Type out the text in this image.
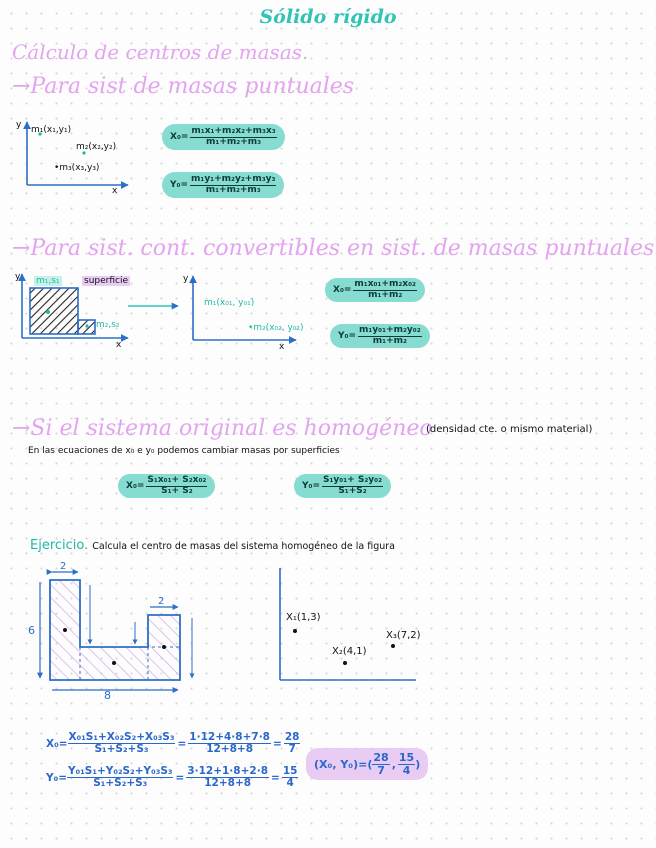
Sólido rígido
Cálculo de centros de masas.
→Para sist de masas puntuales
y
x
m₁(x₁,y₁)
m₂(x₂,y₂)
•m₃(x₃,y₃)
$X_0= \frac{\text{m₁x₁+m₂x₂+m₃x₃}}{\text{m₁+m₂+m₃}}$
$Y_0= \frac{\text{m₁y₁+m₂y₂+m₃y₃}}{\text{m₁+m₂+m₃}}$
→Para sist. cont. convertibles en sist. de masas puntuales
y
x
m₁,s₁	superficie
m₂,s₂
y
x
m₁(x₀₁, y₀₁)
•m₂(x₀₂, y₀₂)
$X_0= \frac{\text{m₁x₀₁+m₂x₀₂}}{\text{m₁+m₂}}$
$Y_0= \frac{\text{m₁y₀₁+m₂y₀₂}}{\text{m₁+m₂}}$
→Si el sistema original es homogéneo
(densidad cte. o mismo material)
En las ecuaciones de x₀ e y₀ podemos cambiar masas por superficies
$X_0= \frac{\text{S₁x₀₁+ S₂x₀₂}}{\text{S₁+ S₂}}$	$Y_0= \frac{\text{S₁y₀₁+ S₂y₀₂}}{\text{S₁+S₂}}$
Ejercicio. Calcula el centro de masas del sistema homogéneo de la figura
2
2
6
8
X₁(1,3)
X₂(4,1)
X₃(7,2)
$X_0= \frac{\text{X₀₁S₁+X₀₂S₂+X₀₃S₃}}{\text{S₁+S₂+S₃}} = \frac{1\cdot 12+4\cdot 8+7\cdot 8}{12+8+8} = \frac{28}{7}$
$Y_0= \frac{\text{Y₀₁S₁+Y₀₂S₂+Y₀₃S₃}}{\text{S₁+S₂+S₃}} = \frac{3\cdot 12+1\cdot 8+2\cdot 8}{12+8+8} = \frac{15}{4}$
(X₀, $Y_0)=( \frac{28}{7}$ , $\frac{15}{4}$ )
